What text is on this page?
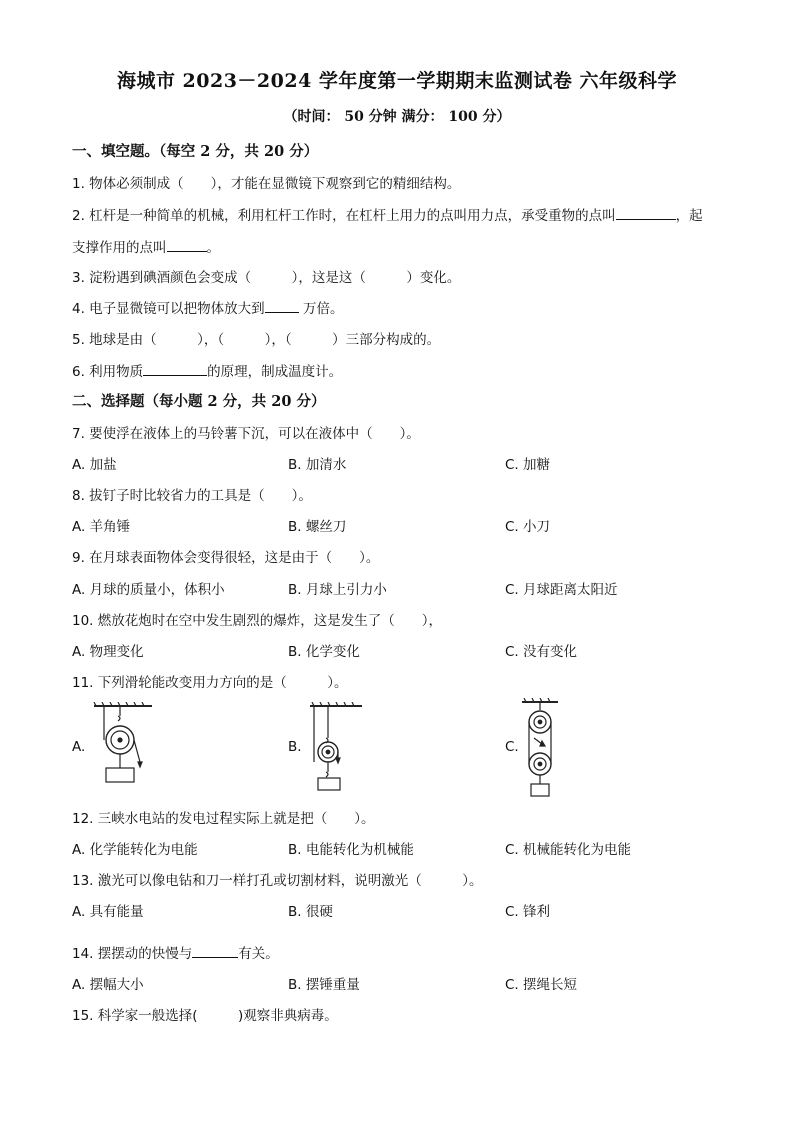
海城市 2023－2024 学年度第一学期期末监测试卷 六年级科学
（时间： 50 分钟 满分： 100 分）
一、填空题。（每空 2 分，共 20 分）
1. 物体必须制成（　　），才能在显微镜下观察到它的精细结构。
2. 杠杆是一种简单的机械，利用杠杆工作时，在杠杆上用力的点叫用力点，承受重物的点叫	，起
支撑作用的点叫	。
3. 淀粉遇到碘酒颜色会变成（　　　），这是这（　　　）变化。
4. 电子显微镜可以把物体放大到	万倍。
5. 地球是由（　　　），（　　　），（　　　）三部分构成的。
6. 利用物质	的原理，制成温度计。
二、选择题（每小题 2 分，共 20 分）
7. 要使浮在液体上的马铃薯下沉，可以在液体中（　　）。
A. 加盐	B. 加清水	C. 加糖
8. 拔钉子时比较省力的工具是（　　）。
A. 羊角锤	B. 螺丝刀	C. 小刀
9. 在月球表面物体会变得很轻，这是由于（　　）。
A. 月球的质量小，体积小	B. 月球上引力小	C. 月球距离太阳近
10. 燃放花炮时在空中发生剧烈的爆炸，这是发生了（　　），
A. 物理变化	B. 化学变化	C. 没有变化
11. 下列滑轮能改变用力方向的是（　　　）。
A.	B.	C.
12. 三峡水电站的发电过程实际上就是把（　　）。
A. 化学能转化为电能	B. 电能转化为机械能	C. 机械能转化为电能
13. 激光可以像电钻和刀一样打孔或切割材料，说明激光（　　　）。
A. 具有能量	B. 很硬	C. 锋利
14. 摆摆动的快慢与	有关。
A. 摆幅大小	B. 摆锤重量	C. 摆绳长短
15. 科学家一般选择(　　　)观察非典病毒。
